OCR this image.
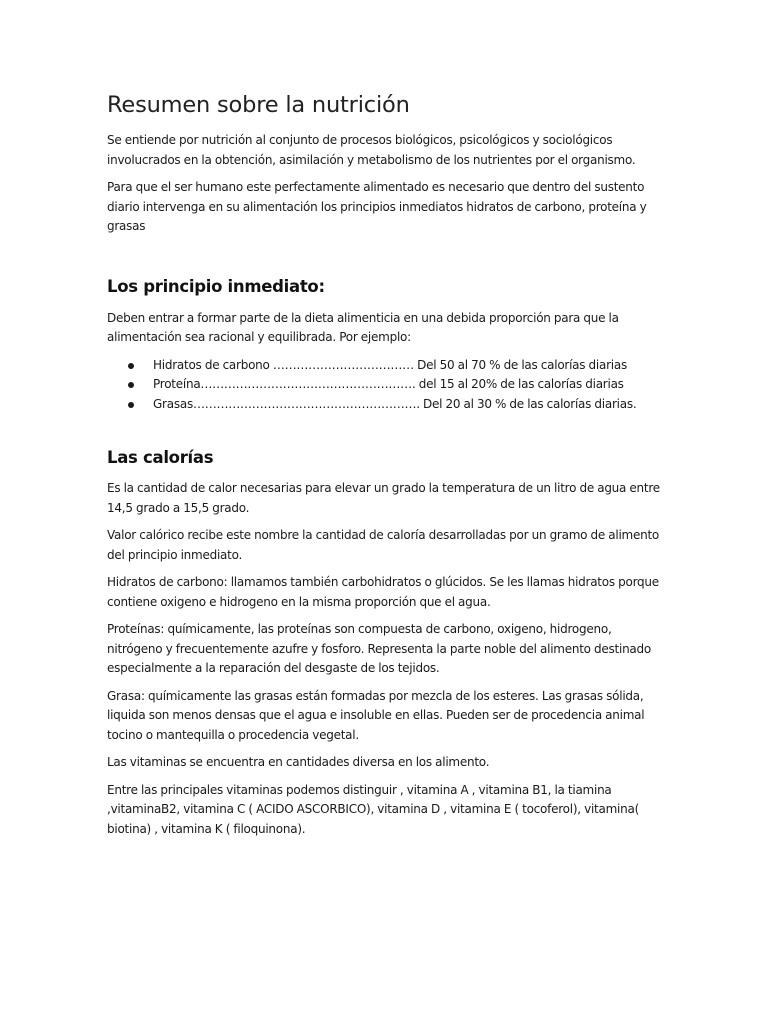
Resumen sobre la nutrición

Se entiende por nutrición al conjunto de procesos biológicos, psicológicos y sociológicos involucrados en la obtención, asimilación y metabolismo de los nutrientes por el organismo.

Para que el ser humano este perfectamente alimentado es necesario que dentro del sustento diario intervenga en su alimentación los principios inmediatos hidratos de carbono, proteína y grasas

Los principio inmediato:

Deben entrar a formar parte de la dieta alimenticia en una debida proporción para que la alimentación sea racional y equilibrada. Por ejemplo:

Hidratos de carbono ……………………………… Del 50 al 70 % de las calorías diarias
Proteína………………………………………………. del 15 al 20% de las calorías diarias
Grasas…………………………………………………. Del 20 al 30 % de las calorías diarias.
Las calorías

Es la cantidad de calor necesarias para elevar un grado la temperatura de un litro de agua entre 14,5 grado a 15,5 grado.

Valor calórico recibe este nombre la cantidad de caloría desarrolladas por un gramo de alimento del principio inmediato.

Hidratos de carbono: llamamos también carbohidratos o glúcidos. Se les llamas hidratos porque contiene oxigeno e hidrogeno en la misma proporción que el agua.

Proteínas: químicamente, las proteínas son compuesta de carbono, oxigeno, hidrogeno, nitrógeno y frecuentemente azufre y fosforo. Representa la parte noble del alimento destinado especialmente a la reparación del desgaste de los tejidos.

Grasa: químicamente las grasas están formadas por mezcla de los esteres. Las grasas sólida, liquida son menos densas que el agua e insoluble en ellas. Pueden ser de procedencia animal tocino o mantequilla o procedencia vegetal.

Las vitaminas se encuentra en cantidades diversa en los alimento.

Entre las principales vitaminas podemos distinguir , vitamina A , vitamina B1, la tiamina ,vitaminaB2, vitamina C ( ACIDO ASCORBICO), vitamina D , vitamina E ( tocoferol), vitamina( biotina) , vitamina K ( filoquinona).
